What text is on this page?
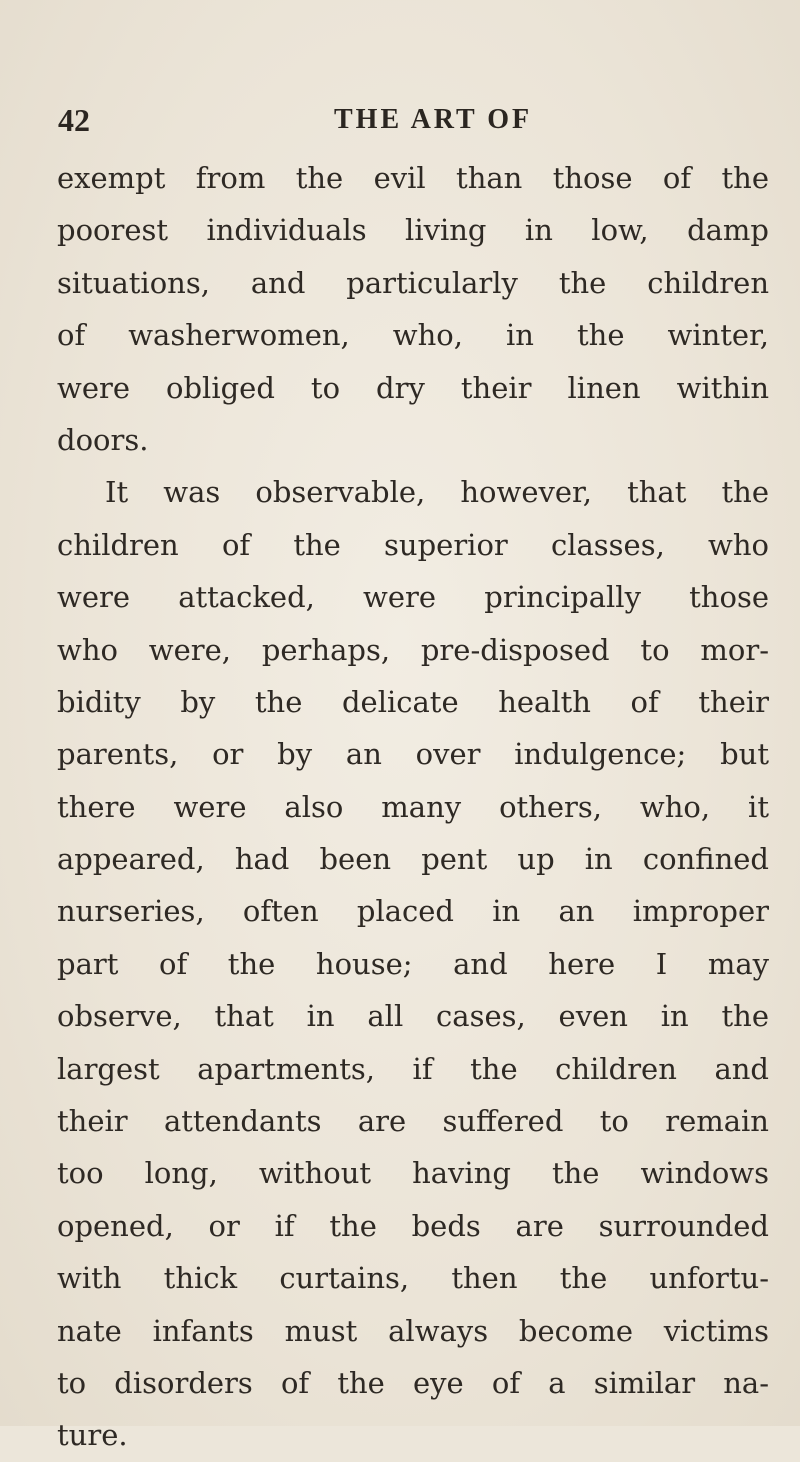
42	THE ART OF
exempt from the evil than those of the
poorest individuals living in low, damp
situations, and particularly the children
of washerwomen, who, in the winter,
were obliged to dry their linen within
doors.
It was observable, however, that the
children of the superior classes, who
were attacked, were principally those
who were, perhaps, pre-disposed to mor-
bidity by the delicate health of their
parents, or by an over indulgence; but
there were also many others, who, it
appeared, had been pent up in confined
nurseries, often placed in an improper
part of the house; and here I may
observe, that in all cases, even in the
largest apartments, if the children and
their attendants are suffered to remain
too long, without having the windows
opened, or if the beds are surrounded
with thick curtains, then the unfortu-
nate infants must always become victims
to disorders of the eye of a similar na-
ture.
